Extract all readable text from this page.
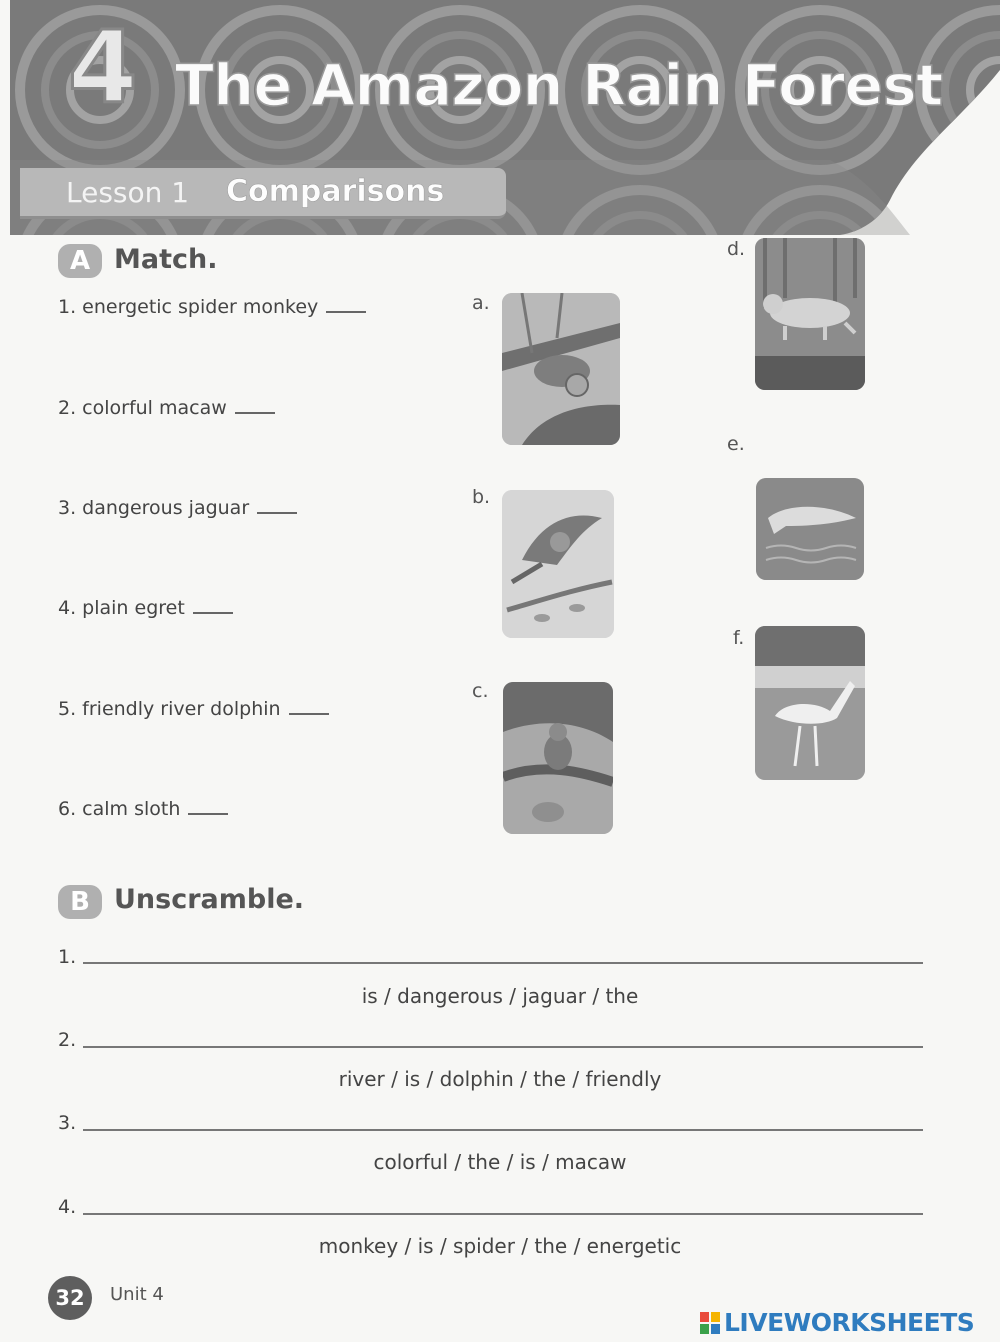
4 The Amazon Rain Forest
Lesson 1 Comparisons
A Match.
1. energetic spider monkey
2. colorful macaw
3. dangerous jaguar
4. plain egret
5. friendly river dolphin
6. calm sloth
a.
b.
c.
d.
e.
f.
B Unscramble.
1.
is / dangerous / jaguar / the
2.
river / is / dolphin / the / friendly
3.
colorful / the / is / macaw
4.
monkey / is / spider / the / energetic
32	Unit 4
LIVEWORKSHEETS
